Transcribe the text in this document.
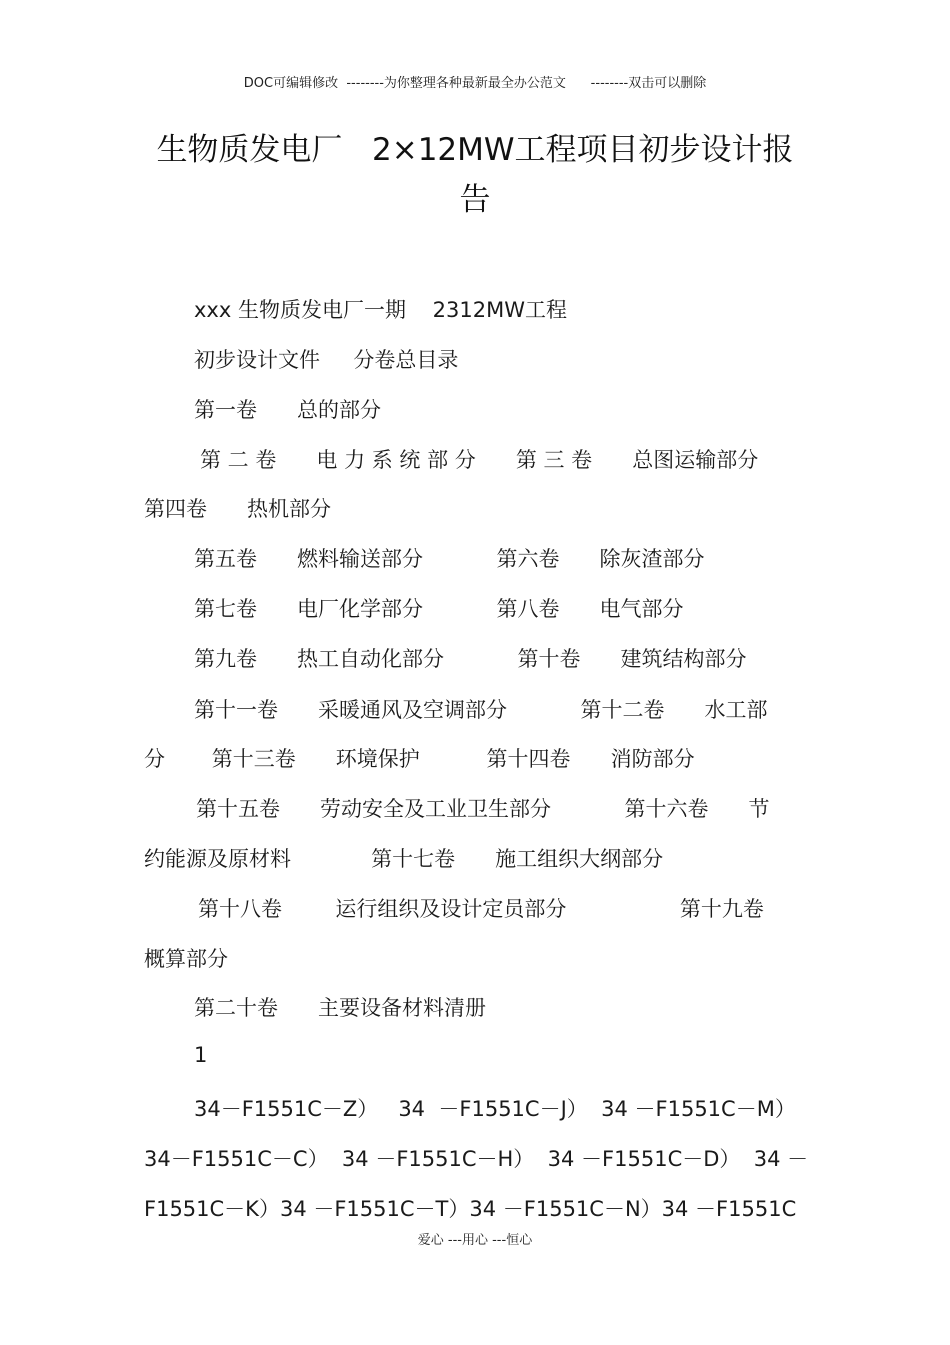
DOC可编辑修改  --------为你整理各种最新最全办公范文      --------双击可以删除
生物质发电厂   2×12MW工程项目初步设计报
告
xxx 生物质发电厂一期    2312MW工程
初步设计文件     分卷总目录
第一卷      总的部分
第 二 卷      电 力 系 统 部 分      第 三 卷      总图运输部分
第四卷      热机部分
第五卷      燃料输送部分           第六卷      除灰渣部分
第七卷      电厂化学部分           第八卷      电气部分
第九卷      热工自动化部分           第十卷      建筑结构部分
第十一卷      采暖通风及空调部分           第十二卷      水工部
分       第十三卷      环境保护          第十四卷      消防部分
第十五卷      劳动安全及工业卫生部分           第十六卷      节
约能源及原材料            第十七卷      施工组织大纲部分
第十八卷        运行组织及设计定员部分                 第十九卷
概算部分
第二十卷      主要设备材料清册
1
34－F1551C－Z）   34  －F1551C－J）  34 －F1551C－M）
34－F1551C－C）  34 －F1551C－H）  34 －F1551C－D）  34 －
F1551C－K）34 －F1551C－T）34 －F1551C－N）34 －F1551C
爱心 ---用心 ---恒心
